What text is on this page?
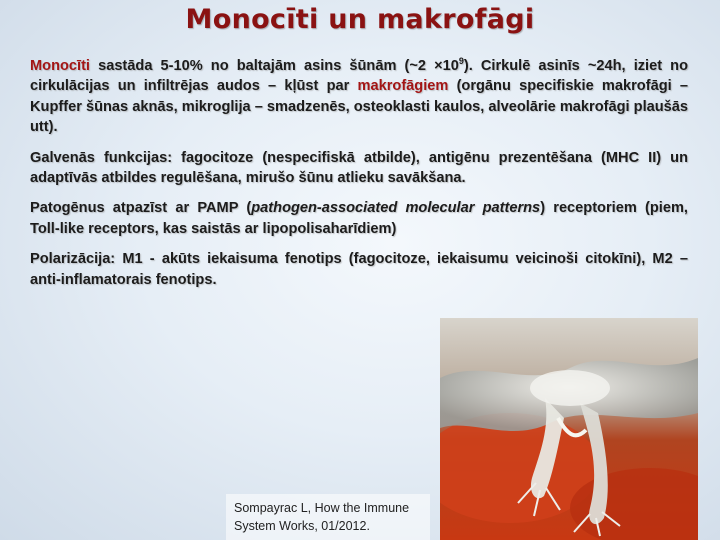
Monocīti un makrofāgi

Monocīti sastāda 5-10% no baltajām asins šūnām (~2 $\times 10^9$). Cirkulē asinīs ~24h, iziet no cirkulācijas un infiltrējas audos – kļūst par makrofāgiem (orgānu specifiskie makrofāgi – Kupffer šūnas aknās, mikroglija – smadzenēs, osteoklasti kaulos, alveolārie makrofāgi plaušās utt).

Galvenās funkcijas: fagocitoze (nespecifiskā atbilde), antigēnu prezentēšana (MHC II) un adaptīvās atbildes regulēšana, mirušo šūnu atlieku savākšana.

Patogēnus atpazīst ar PAMP (pathogen-associated molecular patterns) receptoriem (piem, Toll-like receptors, kas saistās ar lipopolisaharīdiem)

Polarizācija: M1 - akūts iekaisuma fenotips (fagocitoze, iekaisumu veicinoši citokīni), M2 – anti-inflamatorais fenotips.

Sompayrac L, How the Immune
System Works, 01/2012.
